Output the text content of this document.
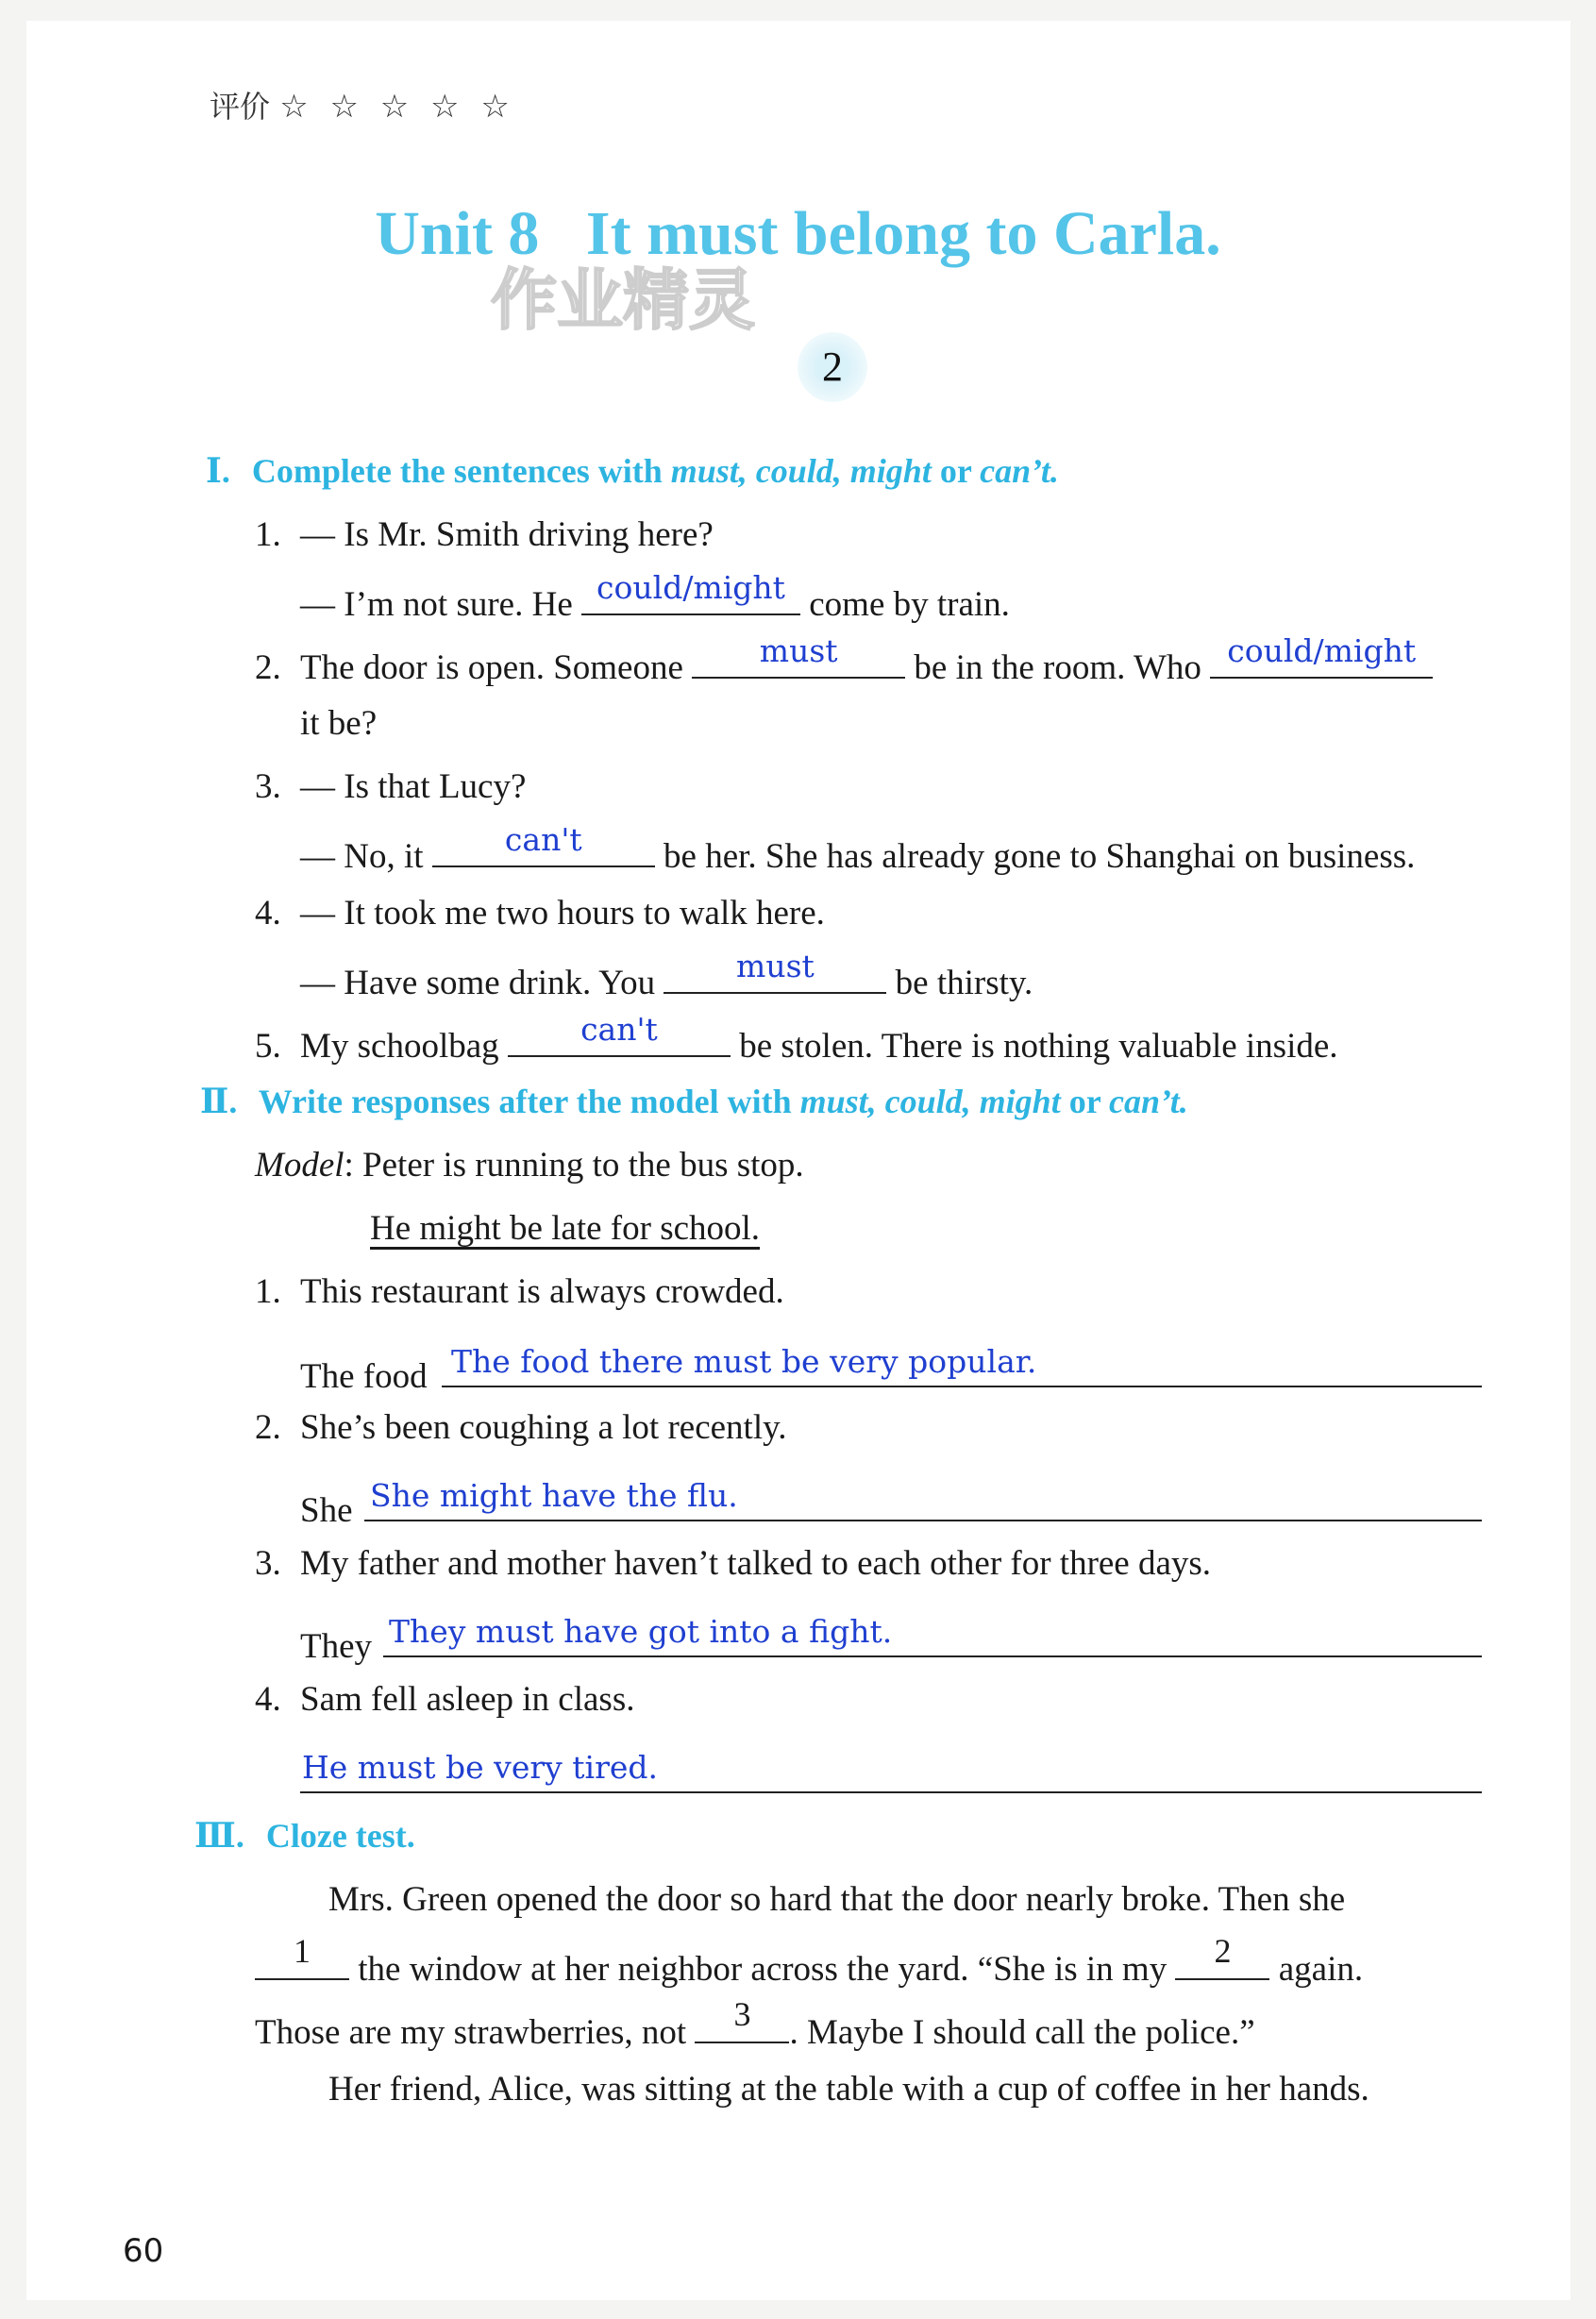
评价 ☆ ☆ ☆ ☆ ☆
Unit 8   It must belong to Carla.
作业精灵
2
Ⅰ. Complete the sentences with must, could, might or can’t.
1. — Is Mr. Smith driving here?
— I’m not sure. He could/might come by train.
2. The door is open. Someone	must	be in the room. Who could/might
it be?
3. — Is that Lucy?
— No, it	can't	be her. She has already gone to Shanghai on business.
4. — It took me two hours to walk here.
— Have some drink. You	must	be thirsty.
5. My schoolbag	can't	be stolen. There is nothing valuable inside.
Ⅱ. Write responses after the model with must, could, might or can’t.
Model: Peter is running to the bus stop.
He might be late for school.
1. This restaurant is always crowded.
The food The food there must be very popular.
2. She’s been coughing a lot recently.
She She might have the flu.
3. My father and mother haven’t talked to each other for three days.
They They must have got into a fight.
4. Sam fell asleep in class.
He must be very tired.
Ⅲ. Cloze test.
Mrs. Green opened the door so hard that the door nearly broke. Then she
1	the window at her neighbor across the yard. “She is in my	2	again.
Those are my strawberries, not	3	. Maybe I should call the police.”
Her friend, Alice, was sitting at the table with a cup of coffee in her hands.
60
